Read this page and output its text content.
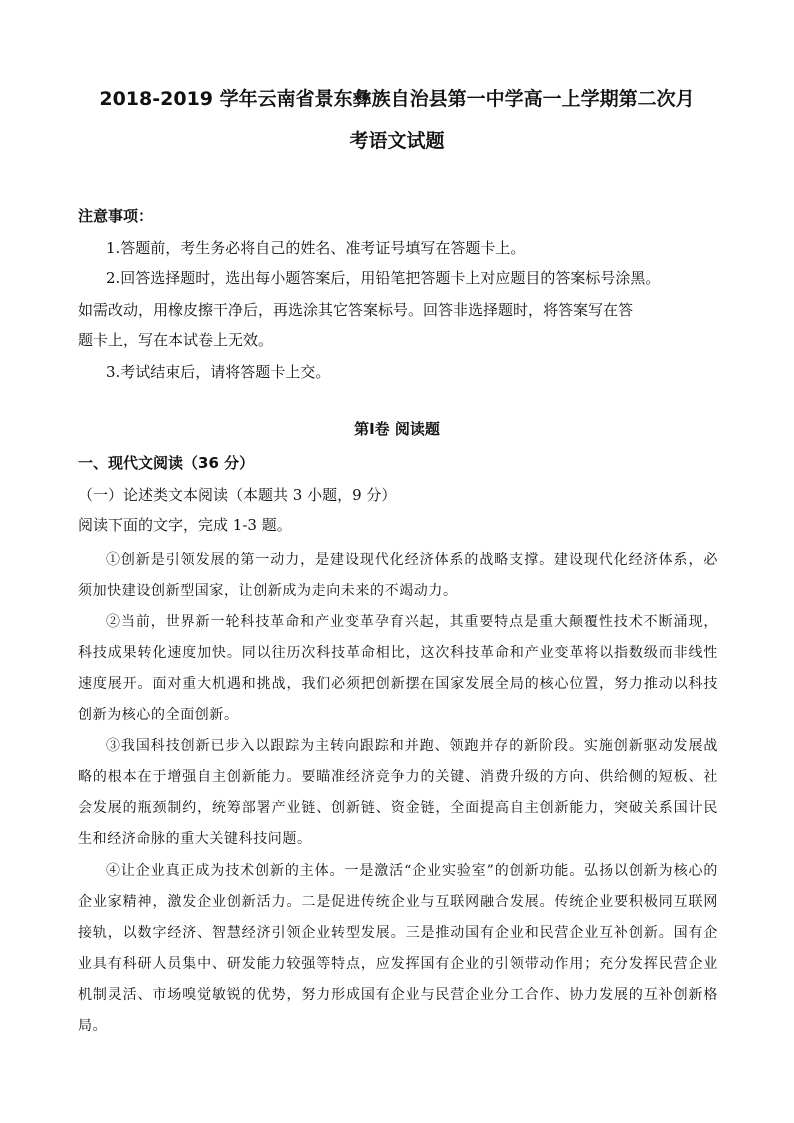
2018-2019 学年云南省景东彝族自治县第一中学高一上学期第二次月
考语文试题
注意事项：
1.答题前，考生务必将自己的姓名、准考证号填写在答题卡上。
2.回答选择题时，选出每小题答案后，用铅笔把答题卡上对应题目的答案标号涂黑。
如需改动，用橡皮擦干净后，再选涂其它答案标号。回答非选择题时，将答案写在答
题卡上，写在本试卷上无效。
3.考试结束后，请将答题卡上交。
第Ⅰ卷 阅读题
一、现代文阅读（36 分）
（一）论述类文本阅读（本题共 3 小题，9 分）
阅读下面的文字，完成 1-3 题。
①创新是引领发展的第一动力，是建设现代化经济体系的战略支撑。建设现代化经济体系，必须加快建设创新型国家，让创新成为走向未来的不竭动力。
②当前，世界新一轮科技革命和产业变革孕育兴起，其重要特点是重大颠覆性技术不断涌现，科技成果转化速度加快。同以往历次科技革命相比，这次科技革命和产业变革将以指数级而非线性速度展开。面对重大机遇和挑战，我们必须把创新摆在国家发展全局的核心位置，努力推动以科技创新为核心的全面创新。
③我国科技创新已步入以跟踪为主转向跟踪和并跑、领跑并存的新阶段。实施创新驱动发展战略的根本在于增强自主创新能力。要瞄准经济竞争力的关键、消费升级的方向、供给侧的短板、社会发展的瓶颈制约，统筹部署产业链、创新链、资金链，全面提高自主创新能力，突破关系国计民生和经济命脉的重大关键科技问题。
④让企业真正成为技术创新的主体。一是激活“企业实验室”的创新功能。弘扬以创新为核心的企业家精神，激发企业创新活力。二是促进传统企业与互联网融合发展。传统企业要积极同互联网接轨，以数字经济、智慧经济引领企业转型发展。三是推动国有企业和民营企业互补创新。国有企业具有科研人员集中、研发能力较强等特点，应发挥国有企业的引领带动作用；充分发挥民营企业机制灵活、市场嗅觉敏锐的优势，努力形成国有企业与民营企业分工合作、协力发展的互补创新格局。
